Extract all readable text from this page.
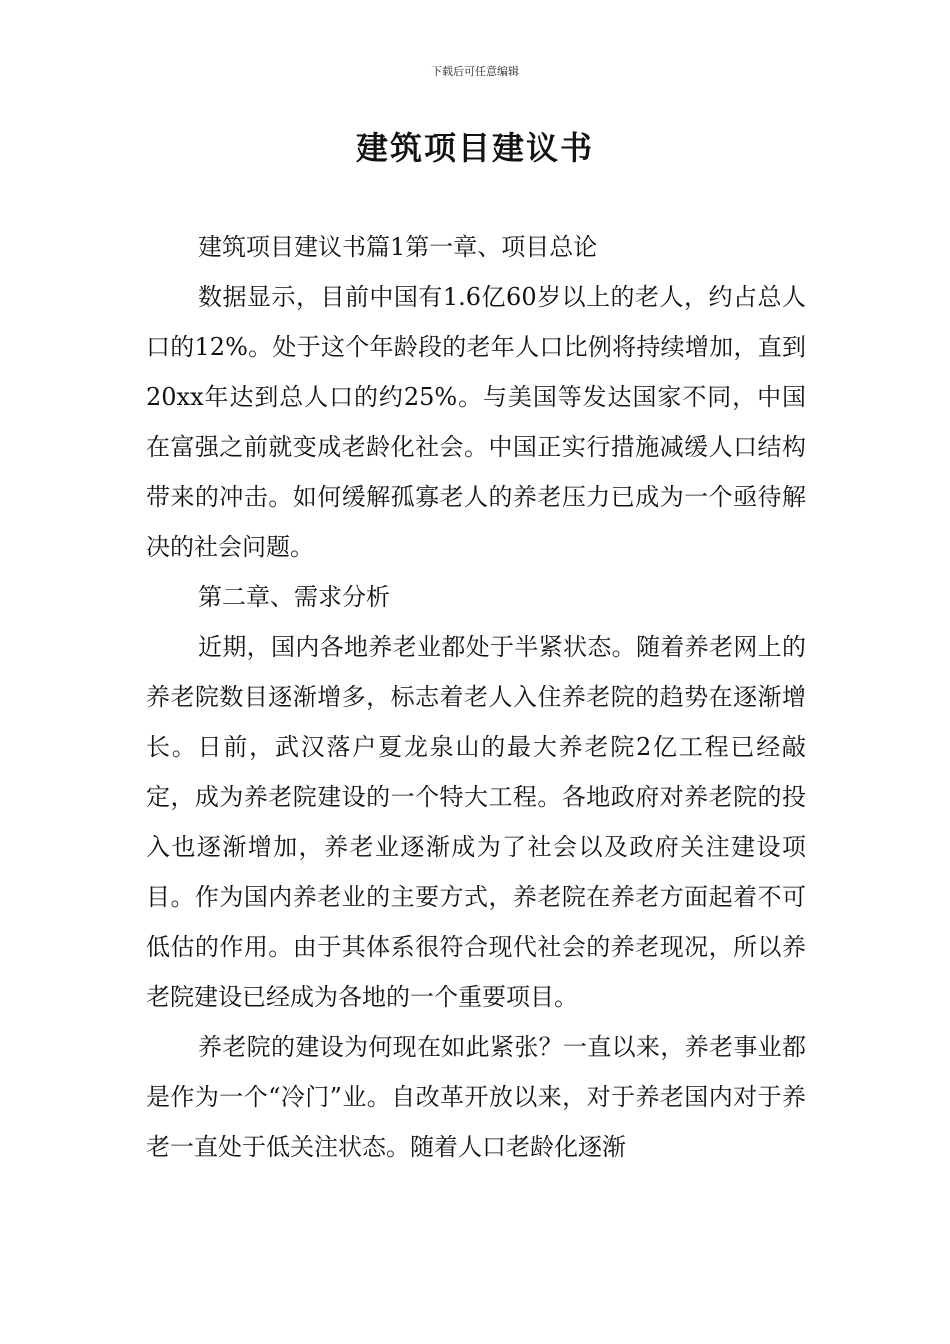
下载后可任意编辑
建筑项目建议书

建筑项目建议书篇1第一章、项目总论

数据显示，目前中国有1.6亿60岁以上的老人，约占总人口的12%。处于这个年龄段的老年人口比例将持续增加，直到20xx年达到总人口的约25%。与美国等发达国家不同，中国在富强之前就变成老龄化社会。中国正实行措施减缓人口结构带来的冲击。如何缓解孤寡老人的养老压力已成为一个亟待解决的社会问题。

第二章、需求分析

近期，国内各地养老业都处于半紧状态。随着养老网上的养老院数目逐渐增多，标志着老人入住养老院的趋势在逐渐增长。日前，武汉落户夏龙泉山的最大养老院2亿工程已经敲定，成为养老院建设的一个特大工程。各地政府对养老院的投入也逐渐增加，养老业逐渐成为了社会以及政府关注建设项目。作为国内养老业的主要方式，养老院在养老方面起着不可低估的作用。由于其体系很符合现代社会的养老现况，所以养老院建设已经成为各地的一个重要项目。

养老院的建设为何现在如此紧张？一直以来，养老事业都是作为一个“冷门”业。自改革开放以来，对于养老国内对于养老一直处于低关注状态。随着人口老龄化逐渐
